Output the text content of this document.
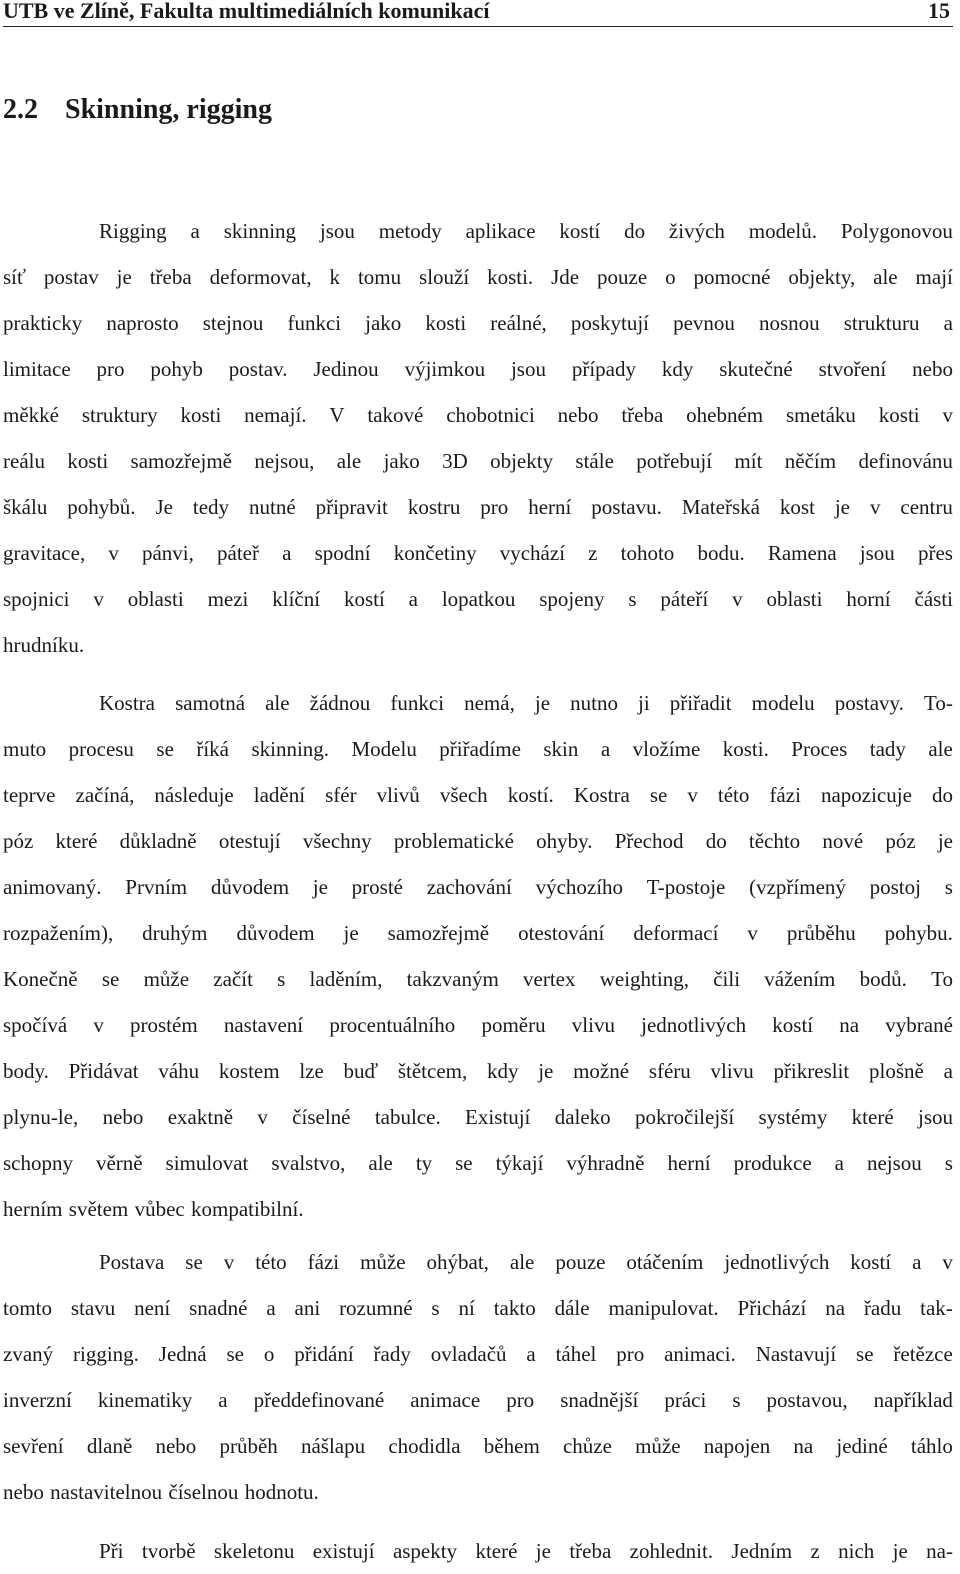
UTB ve Zlíně, Fakulta multimediálních komunikací	15
2.2 Skinning, rigging
Rigging a skinning jsou metody aplikace kostí do živých modelů. Polygonovou
síť postav je třeba deformovat, k tomu slouží kosti. Jde pouze o pomocné objekty, ale mají
prakticky naprosto stejnou funkci jako kosti reálné, poskytují pevnou nosnou strukturu a
limitace pro pohyb postav. Jedinou výjimkou jsou případy kdy skutečné stvoření nebo
měkké struktury kosti nemají. V takové chobotnici nebo třeba ohebném smetáku kosti v
reálu kosti samozřejmě nejsou, ale jako 3D objekty stále potřebují mít něčím definovánu
škálu pohybů. Je tedy nutné připravit kostru pro herní postavu. Mateřská kost je v centru
gravitace, v pánvi, páteř a spodní končetiny vychází z tohoto bodu. Ramena jsou přes
spojnici v oblasti mezi klíční kostí a lopatkou spojeny s páteří v oblasti horní části
hrudníku.
Kostra samotná ale žádnou funkci nemá, je nutno ji přiřadit modelu postavy. To-
muto procesu se říká skinning. Modelu přiřadíme skin a vložíme kosti. Proces tady ale
teprve začíná, následuje ladění sfér vlivů všech kostí. Kostra se v této fázi napozicuje do
póz které důkladně otestují všechny problematické ohyby. Přechod do těchto nové póz je
animovaný. Prvním důvodem je prosté zachování výchozího T-postoje (vzpřímený postoj s
rozpažením), druhým důvodem je samozřejmě otestování deformací v průběhu pohybu.
Konečně se může začít s laděním, takzvaným vertex weighting, čili vážením bodů. To
spočívá v prostém nastavení procentuálního poměru vlivu jednotlivých kostí na vybrané
body. Přidávat váhu kostem lze buď štětcem, kdy je možné sféru vlivu přikreslit plošně a
plynu-le, nebo exaktně v číselné tabulce. Existují daleko pokročilejší systémy které jsou
schopny věrně simulovat svalstvo, ale ty se týkají výhradně herní produkce a nejsou s
herním světem vůbec kompatibilní.
Postava se v této fázi může ohýbat, ale pouze otáčením jednotlivých kostí a v
tomto stavu není snadné a ani rozumné s ní takto dále manipulovat. Přichází na řadu tak-
zvaný rigging. Jedná se o přidání řady ovladačů a táhel pro animaci. Nastavují se řetězce
inverzní kinematiky a předdefinované animace pro snadnější práci s postavou, například
sevření dlaně nebo průběh nášlapu chodidla během chůze může napojen na jediné táhlo
nebo nastavitelnou číselnou hodnotu.
Při tvorbě skeletonu existují aspekty které je třeba zohlednit. Jedním z nich je na-
